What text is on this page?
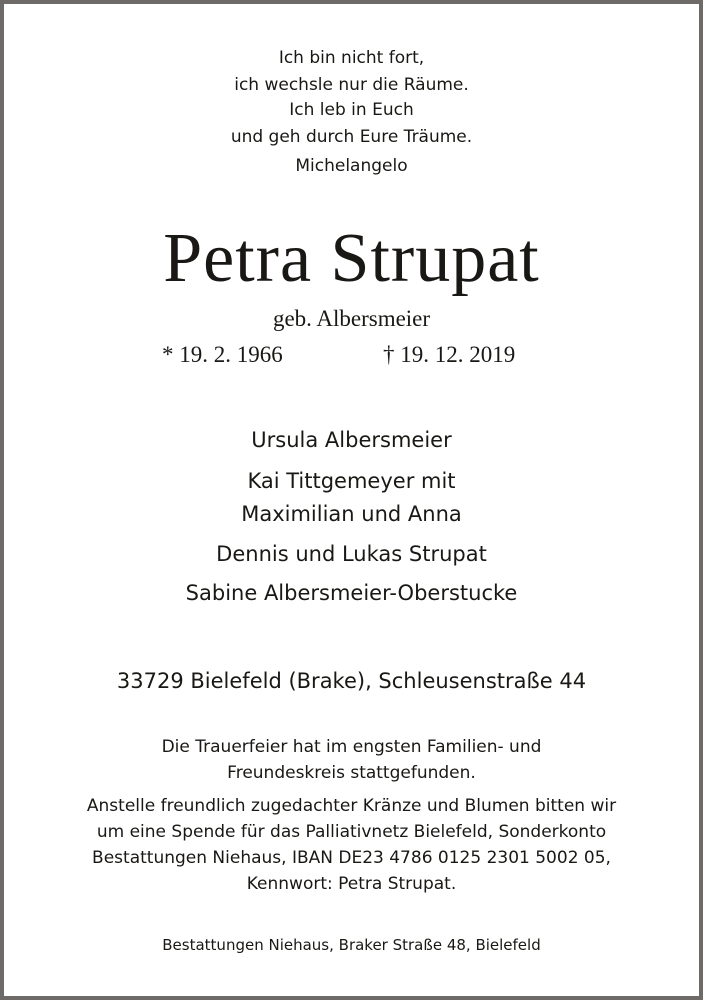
Ich bin nicht fort,
ich wechsle nur die Räume.
Ich leb in Euch
und geh durch Eure Träume.
Michelangelo
Petra Strupat
geb. Albersmeier
* 19. 2. 1966	† 19. 12. 2019
Ursula Albersmeier
Kai Tittgemeyer mit
Maximilian und Anna
Dennis und Lukas Strupat
Sabine Albersmeier-Oberstucke
33729 Bielefeld (Brake), Schleusenstraße 44
Die Trauerfeier hat im engsten Familien- und
Freundeskreis stattgefunden.
Anstelle freundlich zugedachter Kränze und Blumen bitten wir
um eine Spende für das Palliativnetz Bielefeld, Sonderkonto
Bestattungen Niehaus, IBAN DE23 4786 0125 2301 5002 05,
Kennwort: Petra Strupat.
Bestattungen Niehaus, Braker Straße 48, Bielefeld
